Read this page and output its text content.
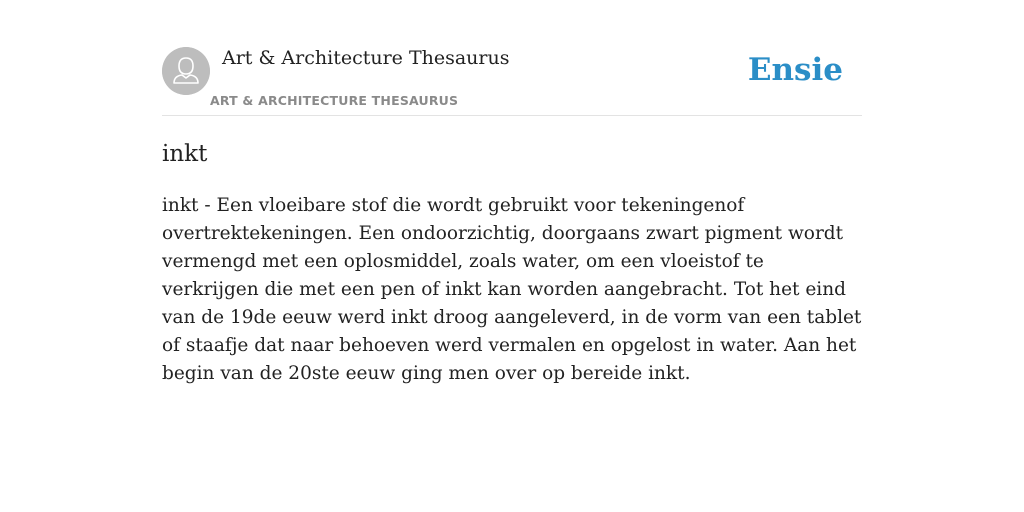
Art & Architecture Thesaurus
ART & ARCHITECTURE THESAURUS
Ensie
inkt

inkt - Een vloeibare stof die wordt gebruikt voor tekeningenof overtrektekeningen. Een ondoorzichtig, doorgaans zwart pigment wordt vermengd met een oplosmiddel, zoals water, om een vloeistof te verkrijgen die met een pen of inkt kan worden aangebracht. Tot het eind van de 19de eeuw werd inkt droog aangeleverd, in de vorm van een tablet of staafje dat naar behoeven werd vermalen en opgelost in water. Aan het begin van de 20ste eeuw ging men over op bereide inkt.
